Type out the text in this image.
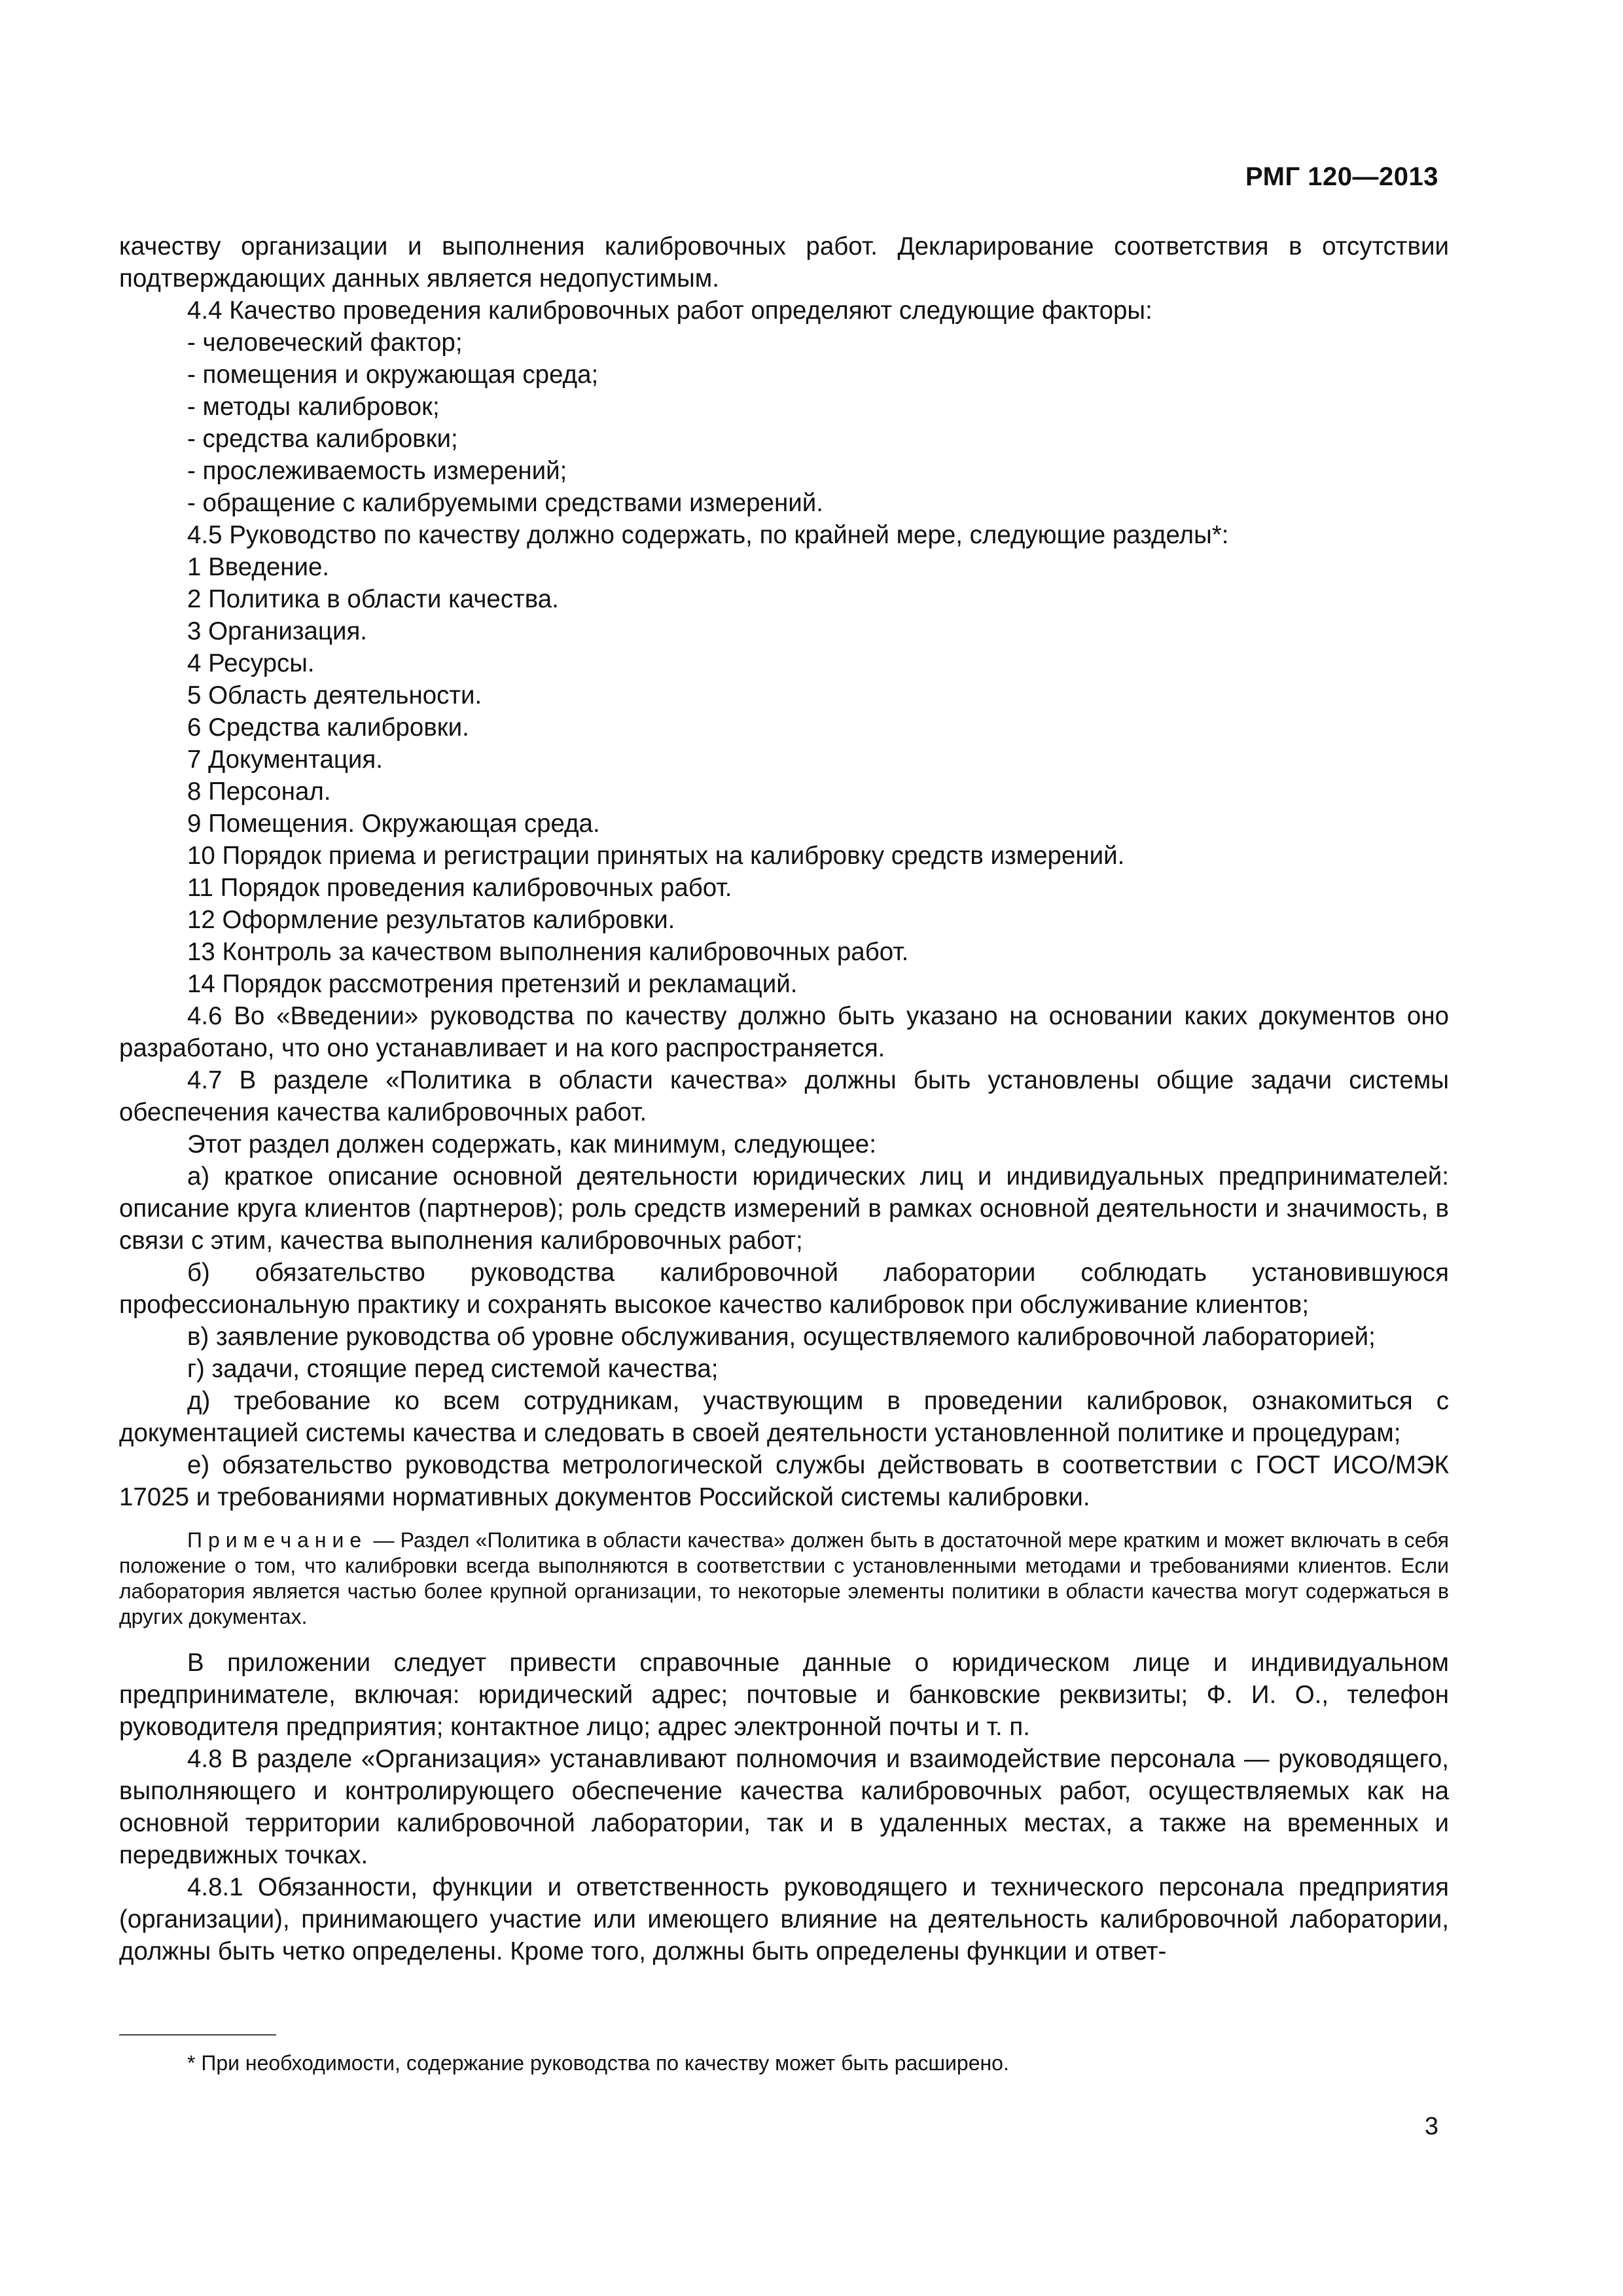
РМГ 120—2013

качеству организации и выполнения калибровочных работ. Декларирование соответствия в отсутствии подтверждающих данных является недопустимым.

4.4 Качество проведения калибровочных работ определяют следующие факторы:

- человеческий фактор;

- помещения и окружающая среда;

- методы калибровок;

- средства калибровки;

- прослеживаемость измерений;

- обращение с калибруемыми средствами измерений.

4.5 Руководство по качеству должно содержать, по крайней мере, следующие разделы*:

1 Введение.

2 Политика в области качества.

3 Организация.

4 Ресурсы.

5 Область деятельности.

6 Средства калибровки.

7 Документация.

8 Персонал.

9 Помещения. Окружающая среда.

10 Порядок приема и регистрации принятых на калибровку средств измерений.

11 Порядок проведения калибровочных работ.

12 Оформление результатов калибровки.

13 Контроль за качеством выполнения калибровочных работ.

14 Порядок рассмотрения претензий и рекламаций.

4.6 Во «Введении» руководства по качеству должно быть указано на основании каких документов оно разработано, что оно устанавливает и на кого распространяется.

4.7 В разделе «Политика в области качества» должны быть установлены общие задачи системы обеспечения качества калибровочных работ.

Этот раздел должен содержать, как минимум, следующее:

а) краткое описание основной деятельности юридических лиц и индивидуальных предпринимателей: описание круга клиентов (партнеров); роль средств измерений в рамках основной деятельности и значимость, в связи с этим, качества выполнения калибровочных работ;

б) обязательство руководства калибровочной лаборатории соблюдать установившуюся профессиональную практику и сохранять высокое качество калибровок при обслуживание клиентов;

в) заявление руководства об уровне обслуживания, осуществляемого калибровочной лабораторией;

г) задачи, стоящие перед системой качества;

д) требование ко всем сотрудникам, участвующим в проведении калибровок, ознакомиться с документацией системы качества и следовать в своей деятельности установленной политике и процедурам;

е) обязательство руководства метрологической службы действовать в соответствии с ГОСТ ИСО/МЭК 17025 и требованиями нормативных документов Российской системы калибровки.

Примечание — Раздел «Политика в области качества» должен быть в достаточной мере кратким и может включать в себя положение о том, что калибровки всегда выполняются в соответствии с установленными методами и требованиями клиентов. Если лаборатория является частью более крупной организации, то некоторые элементы политики в области качества могут содержаться в других документах.

В приложении следует привести справочные данные о юридическом лице и индивидуальном предпринимателе, включая: юридический адрес; почтовые и банковские реквизиты; Ф. И. О., телефон руководителя предприятия; контактное лицо; адрес электронной почты и т. п.

4.8 В разделе «Организация» устанавливают полномочия и взаимодействие персонала — руководящего, выполняющего и контролирующего обеспечение качества калибровочных работ, осуществляемых как на основной территории калибровочной лаборатории, так и в удаленных местах, а также на временных и передвижных точках.

4.8.1 Обязанности, функции и ответственность руководящего и технического персонала предприятия (организации), принимающего участие или имеющего влияние на деятельность калибровочной лаборатории, должны быть четко определены. Кроме того, должны быть определены функции и ответ-

* При необходимости, содержание руководства по качеству может быть расширено.
3
